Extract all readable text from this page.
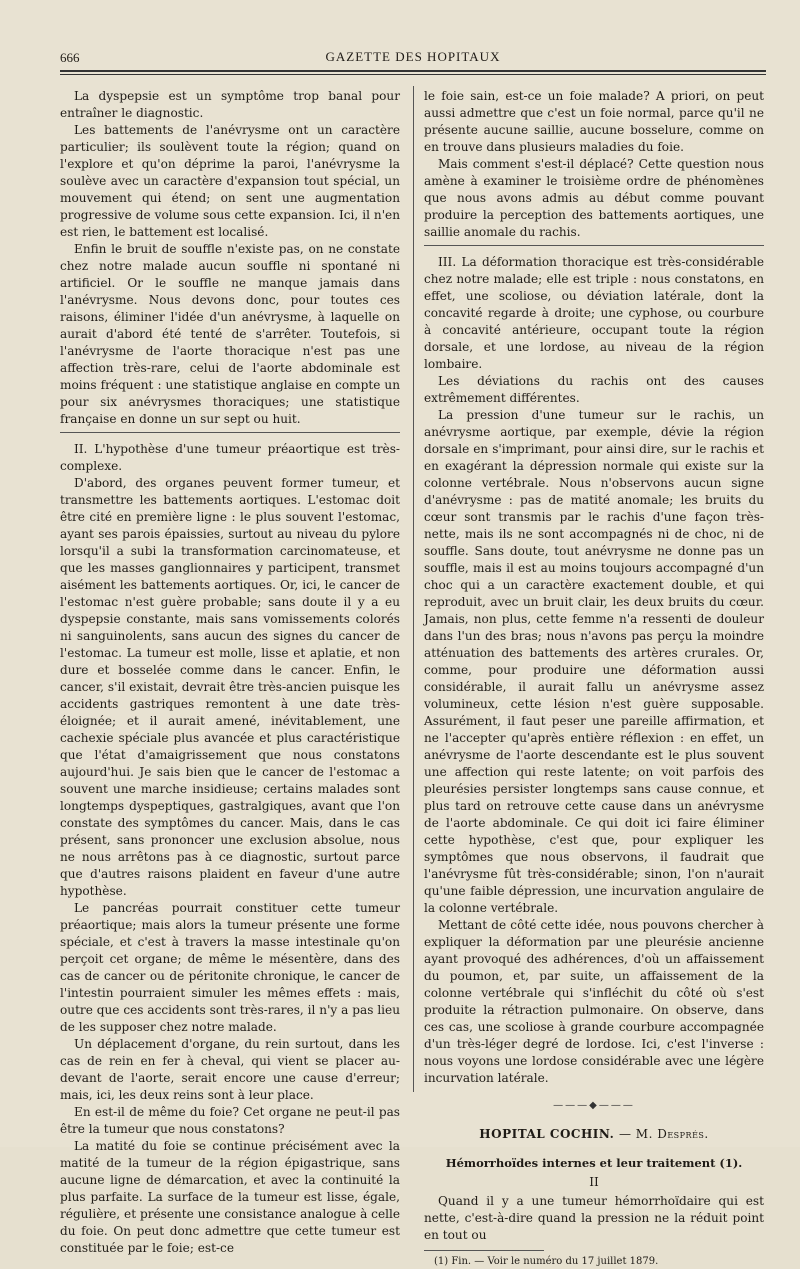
666	GAZETTE DES HOPITAUX

La dyspepsie est un symptôme trop banal pour entraîner le diagnostic.

Les battements de l'anévrysme ont un caractère particulier; ils soulèvent toute la région; quand on l'explore et qu'on déprime la paroi, l'anévrysme la soulève avec un caractère d'expansion tout spécial, un mouvement qui étend; on sent une augmentation progressive de volume sous cette expansion. Ici, il n'en est rien, le battement est localisé.

Enfin le bruit de souffle n'existe pas, on ne constate chez notre malade aucun souffle ni spontané ni artificiel. Or le souffle ne manque jamais dans l'anévrysme. Nous devons donc, pour toutes ces raisons, éliminer l'idée d'un anévrysme, à laquelle on aurait d'abord été tenté de s'arrêter. Toutefois, si l'anévrysme de l'aorte thoracique n'est pas une affection très-rare, celui de l'aorte abdominale est moins fréquent : une statistique anglaise en compte un pour six anévrysmes thoraciques; une statistique française en donne un sur sept ou huit.

II. L'hypothèse d'une tumeur préaortique est très-complexe.

D'abord, des organes peuvent former tumeur, et transmettre les battements aortiques. L'estomac doit être cité en première ligne : le plus souvent l'estomac, ayant ses parois épaissies, surtout au niveau du pylore lorsqu'il a subi la transformation carcinomateuse, et que les masses ganglionnaires y participent, transmet aisément les battements aortiques. Or, ici, le cancer de l'estomac n'est guère probable; sans doute il y a eu dyspepsie constante, mais sans vomissements colorés ni sanguinolents, sans aucun des signes du cancer de l'estomac. La tumeur est molle, lisse et aplatie, et non dure et bosselée comme dans le cancer. Enfin, le cancer, s'il existait, devrait être très-ancien puisque les accidents gastriques remontent à une date très-éloignée; et il aurait amené, inévitablement, une cachexie spéciale plus avancée et plus caractéristique que l'état d'amaigrissement que nous constatons aujourd'hui. Je sais bien que le cancer de l'estomac a souvent une marche insidieuse; certains malades sont longtemps dyspeptiques, gastralgiques, avant que l'on constate des symptômes du cancer. Mais, dans le cas présent, sans prononcer une exclusion absolue, nous ne nous arrêtons pas à ce diagnostic, surtout parce que d'autres raisons plaident en faveur d'une autre hypothèse.

Le pancréas pourrait constituer cette tumeur préaortique; mais alors la tumeur présente une forme spéciale, et c'est à travers la masse intestinale qu'on perçoit cet organe; de même le mésentère, dans des cas de cancer ou de péritonite chronique, le cancer de l'intestin pourraient simuler les mêmes effets : mais, outre que ces accidents sont très-rares, il n'y a pas lieu de les supposer chez notre malade.

Un déplacement d'organe, du rein surtout, dans les cas de rein en fer à cheval, qui vient se placer au-devant de l'aorte, serait encore une cause d'erreur; mais, ici, les deux reins sont à leur place.

En est-il de même du foie? Cet organe ne peut-il pas être la tumeur que nous constatons?

La matité du foie se continue précisément avec la matité de la tumeur de la région épigastrique, sans aucune ligne de démarcation, et avec la continuité la plus parfaite. La surface de la tumeur est lisse, égale, régulière, et présente une consistance analogue à celle du foie. On peut donc admettre que cette tumeur est constituée par le foie; est-ce

le foie sain, est-ce un foie malade? A priori, on peut aussi admettre que c'est un foie normal, parce qu'il ne présente aucune saillie, aucune bosselure, comme on en trouve dans plusieurs maladies du foie.

Mais comment s'est-il déplacé? Cette question nous amène à examiner le troisième ordre de phénomènes que nous avons admis au début comme pouvant produire la perception des battements aortiques, une saillie anomale du rachis.

III. La déformation thoracique est très-considérable chez notre malade; elle est triple : nous constatons, en effet, une scoliose, ou déviation latérale, dont la concavité regarde à droite; une cyphose, ou courbure à concavité antérieure, occupant toute la région dorsale, et une lordose, au niveau de la région lombaire.

Les déviations du rachis ont des causes extrêmement différentes.

La pression d'une tumeur sur le rachis, un anévrysme aortique, par exemple, dévie la région dorsale en s'imprimant, pour ainsi dire, sur le rachis et en exagérant la dépression normale qui existe sur la colonne vertébrale. Nous n'observons aucun signe d'anévrysme : pas de matité anomale; les bruits du cœur sont transmis par le rachis d'une façon très-nette, mais ils ne sont accompagnés ni de choc, ni de souffle. Sans doute, tout anévrysme ne donne pas un souffle, mais il est au moins toujours accompagné d'un choc qui a un caractère exactement double, et qui reproduit, avec un bruit clair, les deux bruits du cœur. Jamais, non plus, cette femme n'a ressenti de douleur dans l'un des bras; nous n'avons pas perçu la moindre atténuation des battements des artères crurales. Or, comme, pour produire une déformation aussi considérable, il aurait fallu un anévrysme assez volumineux, cette lésion n'est guère supposable. Assurément, il faut peser une pareille affirmation, et ne l'accepter qu'après entière réflexion : en effet, un anévrysme de l'aorte descendante est le plus souvent une affection qui reste latente; on voit parfois des pleurésies persister longtemps sans cause connue, et plus tard on retrouve cette cause dans un anévrysme de l'aorte abdominale. Ce qui doit ici faire éliminer cette hypothèse, c'est que, pour expliquer les symptômes que nous observons, il faudrait que l'anévrysme fût très-considérable; sinon, l'on n'aurait qu'une faible dépression, une incurvation angulaire de la colonne vertébrale.

Mettant de côté cette idée, nous pouvons chercher à expliquer la déformation par une pleurésie ancienne ayant provoqué des adhérences, d'où un affaissement du poumon, et, par suite, un affaissement de la colonne vertébrale qui s'infléchit du côté où s'est produite la rétraction pulmonaire. On observe, dans ces cas, une scoliose à grande courbure accompagnée d'un très-léger degré de lordose. Ici, c'est l'inverse : nous voyons une lordose considérable avec une légère incurvation latérale.

———◆———
HOPITAL COCHIN. — M. Després.
Hémorrhoïdes internes et leur traitement (1).
II

Quand il y a une tumeur hémorrhoïdaire qui est nette, c'est-à-dire quand la pression ne la réduit point en tout ou

(1) Fin. — Voir le numéro du 17 juillet 1879.
